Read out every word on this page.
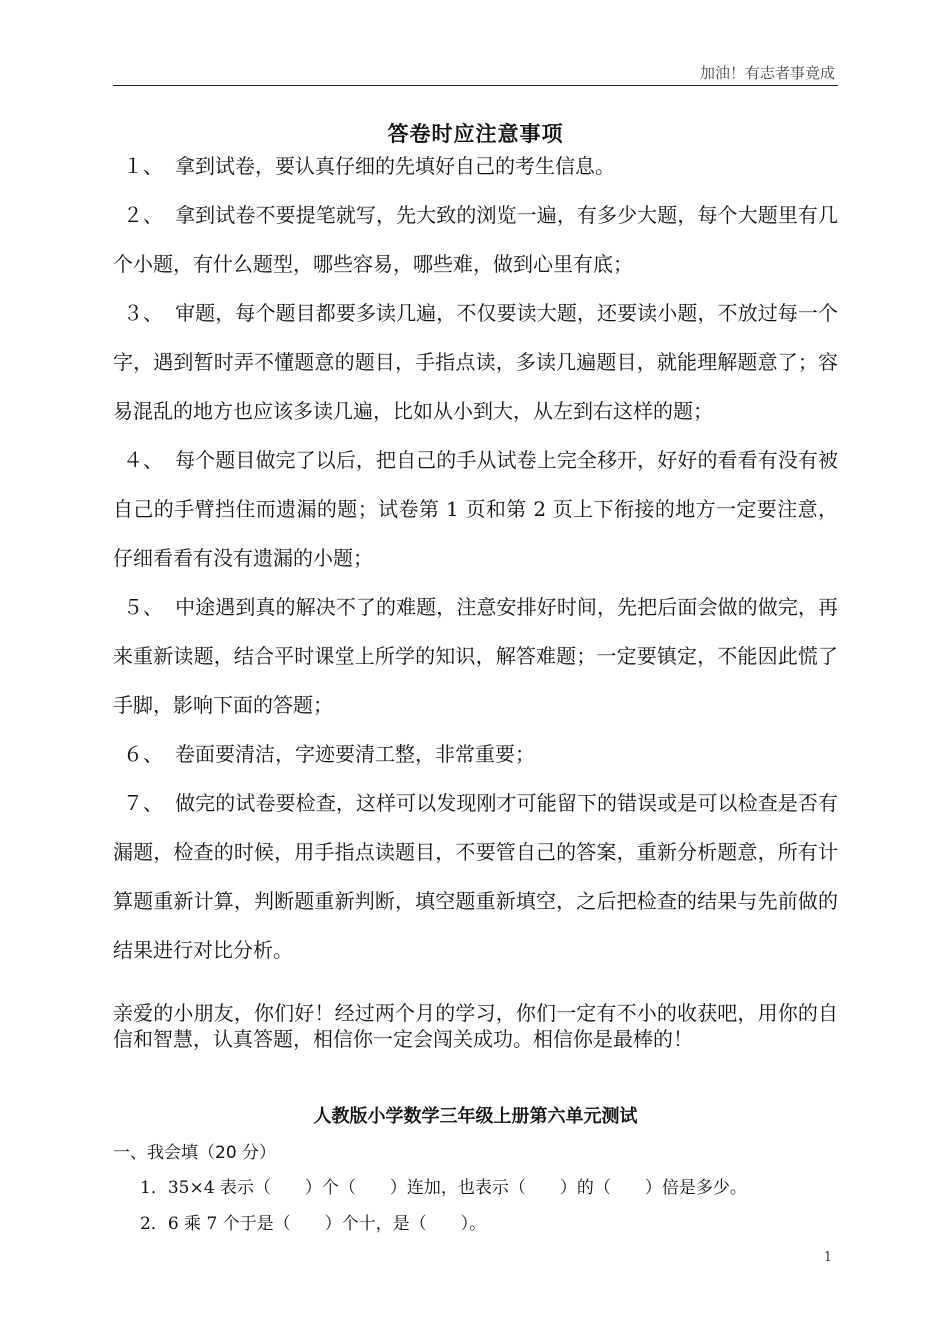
加油！有志者事竟成
答卷时应注意事项
１、 拿到试卷，要认真仔细的先填好自己的考生信息。
２、 拿到试卷不要提笔就写，先大致的浏览一遍，有多少大题，每个大题里有几个小题，有什么题型，哪些容易，哪些难，做到心里有底；
３、 审题，每个题目都要多读几遍，不仅要读大题，还要读小题，不放过每一个字，遇到暂时弄不懂题意的题目，手指点读，多读几遍题目，就能理解题意了；容易混乱的地方也应该多读几遍，比如从小到大，从左到右这样的题；
４、 每个题目做完了以后，把自己的手从试卷上完全移开，好好的看看有没有被自己的手臂挡住而遗漏的题；试卷第 1 页和第 2 页上下衔接的地方一定要注意，仔细看看有没有遗漏的小题；
５、 中途遇到真的解决不了的难题，注意安排好时间，先把后面会做的做完，再来重新读题，结合平时课堂上所学的知识，解答难题；一定要镇定，不能因此慌了手脚，影响下面的答题；
６、 卷面要清洁，字迹要清工整，非常重要；
７、 做完的试卷要检查，这样可以发现刚才可能留下的错误或是可以检查是否有漏题，检查的时候，用手指点读题目，不要管自己的答案，重新分析题意，所有计算题重新计算，判断题重新判断，填空题重新填空，之后把检查的结果与先前做的结果进行对比分析。
亲爱的小朋友，你们好！经过两个月的学习，你们一定有不小的收获吧，用你的自信和智慧，认真答题，相信你一定会闯关成功。相信你是最棒的！
人教版小学数学三年级上册第六单元测试
一、我会填（20 分）
1．35×4 表示（　　）个（　　）连加，也表示（　　）的（　　）倍是多少。
2．6 乘 7 个于是（　　）个十，是（　　）。
1
